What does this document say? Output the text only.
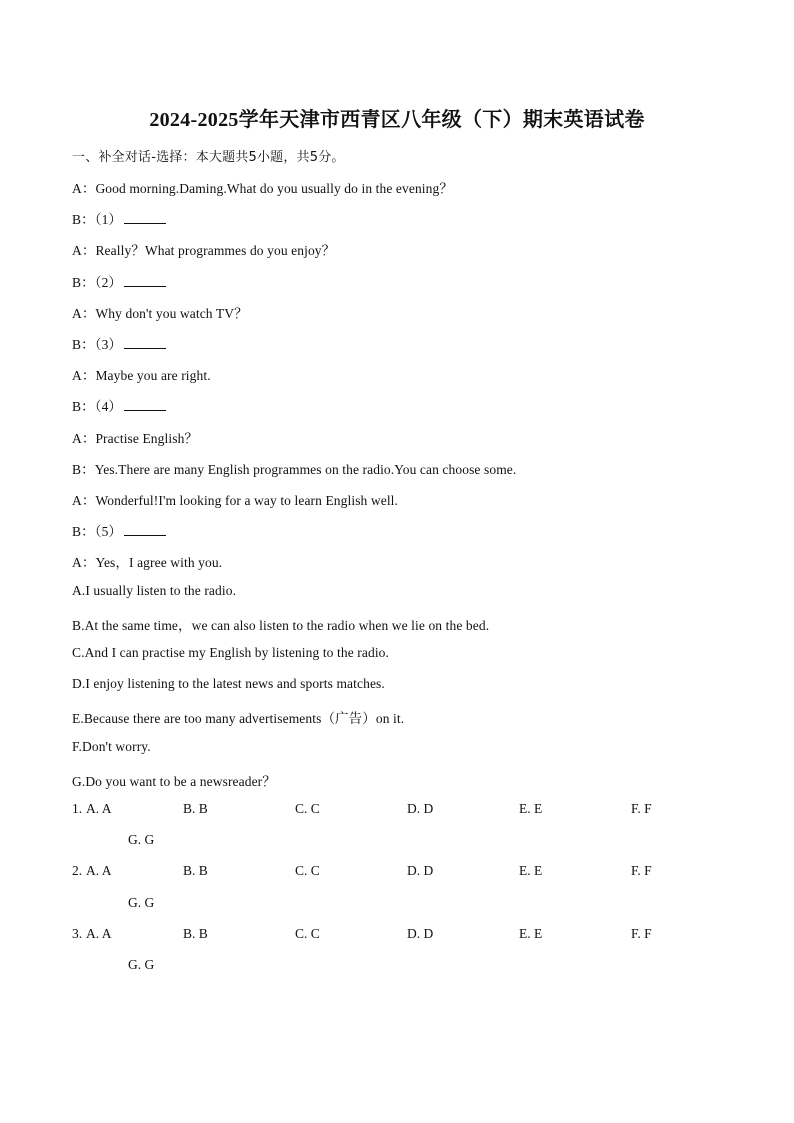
2024-2025学年天津市西青区八年级（下）期末英语试卷
一、补全对话-选择：本大题共5小题，共5分。
A：Good morning.Daming.What do you usually do in the evening？
B：（1）
A：Really？What programmes do you enjoy？
B：（2）
A：Why don't you watch TV？
B：（3）
A：Maybe you are right.
B：（4）
A：Practise English？
B：Yes.There are many English programmes on the radio.You can choose some.
A：Wonderful!I'm looking for a way to learn English well.
B：（5）
A：Yes，I agree with you.
A.I usually listen to the radio.
B.At the same time，we can also listen to the radio when we lie on the bed.
C.And I can practise my English by listening to the radio.
D.I enjoy listening to the latest news and sports matches.
E.Because there are too many advertisements（广告）on it.
F.Don't worry.
G.Do you want to be a newsreader？
1. A. A	B. B	C. C	D. D	E. E	F. F
G. G
2. A. A	B. B	C. C	D. D	E. E	F. F
G. G
3. A. A	B. B	C. C	D. D	E. E	F. F
G. G
